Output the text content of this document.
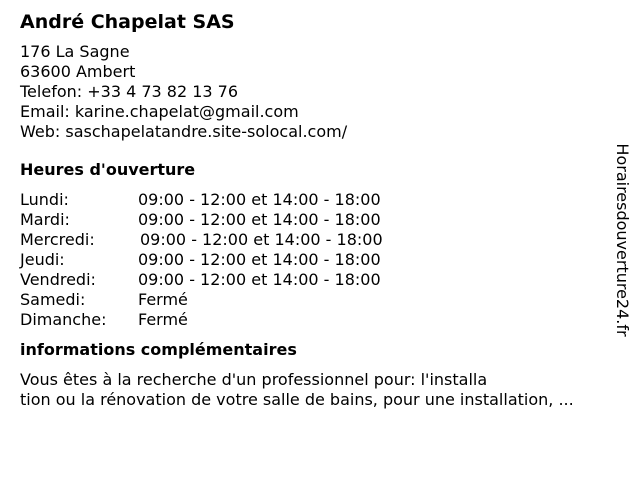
André Chapelat SAS
176 La Sagne
63600 Ambert
Telefon: +33 4 73 82 13 76
Email: karine.chapelat@gmail.com
Web: saschapelatandre.site-solocal.com/
Heures d'ouverture
Lundi:	09:00 - 12:00 et 14:00 - 18:00
Mardi:	09:00 - 12:00 et 14:00 - 18:00
Mercredi:	09:00 - 12:00 et 14:00 - 18:00
Jeudi:	09:00 - 12:00 et 14:00 - 18:00
Vendredi:	09:00 - 12:00 et 14:00 - 18:00
Samedi:	Fermé
Dimanche:	Fermé
informations complémentaires
Vous êtes à la recherche d'un professionnel pour: l'installa
tion ou la rénovation de votre salle de bains, pour une installation, ...
Horairesdouverture24.fr
